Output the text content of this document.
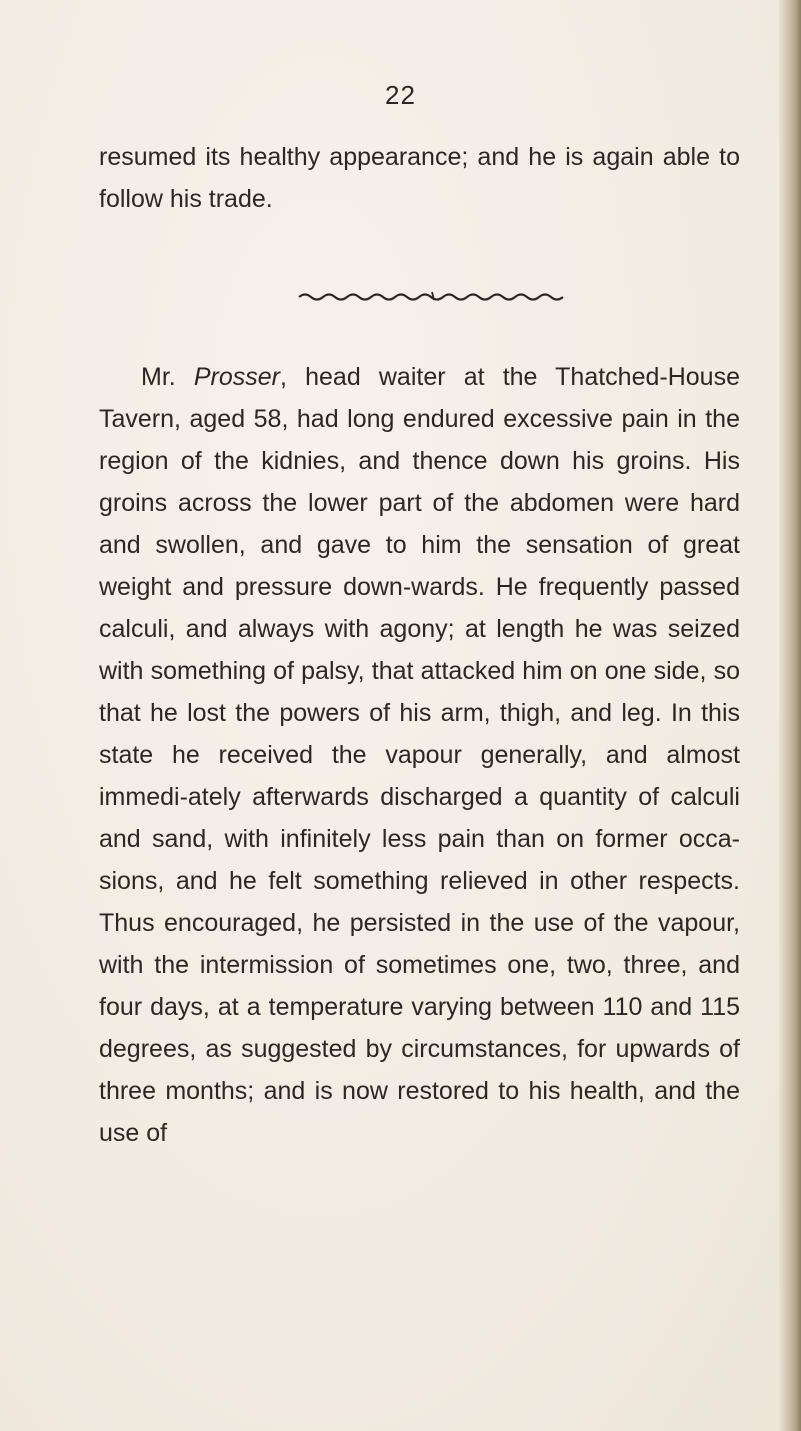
22

resumed its healthy appearance; and he is again able to follow his trade.

Mr. Prosser, head waiter at the Thatched-House Tavern, aged 58, had long endured excessive pain in the region of the kidnies, and thence down his groins. His groins across the lower part of the abdomen were hard and swollen, and gave to him the sensation of great weight and pressure down-wards. He frequently passed calculi, and always with agony; at length he was seized with something of palsy, that attacked him on one side, so that he lost the powers of his arm, thigh, and leg. In this state he received the vapour generally, and almost immedi-ately afterwards discharged a quantity of calculi and sand, with infinitely less pain than on former occa-sions, and he felt something relieved in other respects. Thus encouraged, he persisted in the use of the vapour, with the intermission of sometimes one, two, three, and four days, at a temperature varying between 110 and 115 degrees, as suggested by circumstances, for upwards of three months; and is now restored to his health, and the use of
